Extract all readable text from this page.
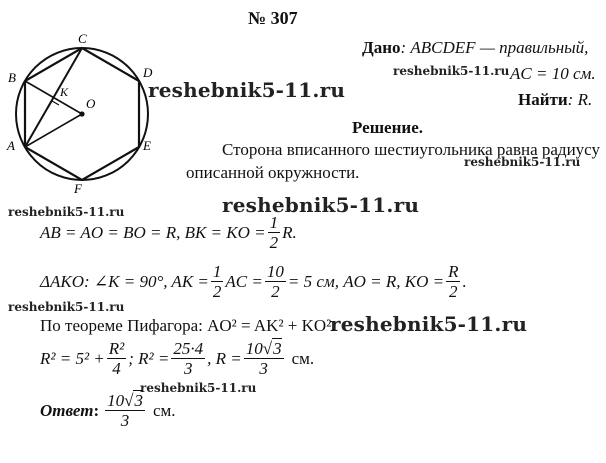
№ 307
Дано: ABCDEF — правильный,
AC = 10 см.
Найти: R.
reshebnik5-11.ru
reshebnik5-11.ru
reshebnik5-11.ru
reshebnik5-11.ru	reshebnik5-11.ru
reshebnik5-11.ru
reshebnik5-11.ru
reshebnik5-11.ru
Решение.
Сторона вписанного шестиугольника равна радиусу
описанной окружности.
B
C
D
E
F
A
K
O
AB = AO = BO = R, BK = KO = $\frac{1}{2} R$.
ΔAKO: ∠K = 90°, AK = $\frac{1}{2}$ AC = $\frac{10}{2} = 5$ см, AO = R, KO = $\frac{R}{2}$ .
По теореме Пифагора: AO² = AK² + KO².
$R^2 = 5^2 + \frac{\text{R²}}{4}$ ; $R^2 = \frac{25\cdot 4}{3}$ , $R = \frac{10√3}{3}$ см.
Ответ : $\frac{10√3}{3}$ см.
